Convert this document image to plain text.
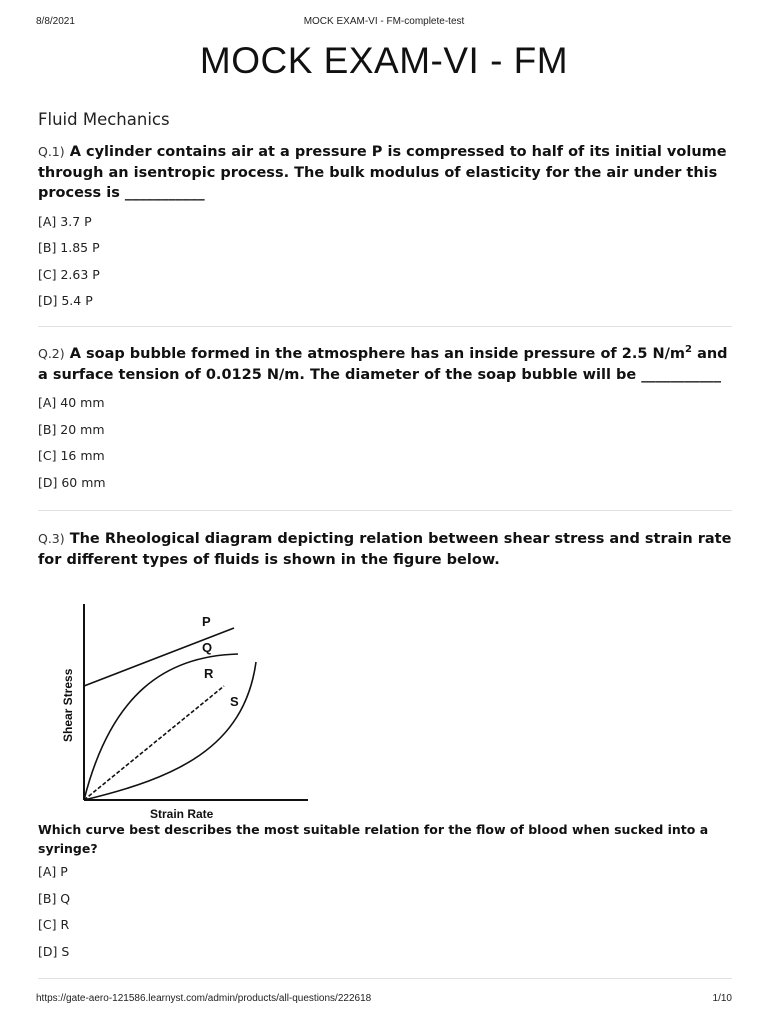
8/8/2021	MOCK EXAM-VI - FM-complete-test
MOCK EXAM-VI - FM
Fluid Mechanics
Q.1) A cylinder contains air at a pressure P is compressed to half of its initial volume through an isentropic process. The bulk modulus of elasticity for the air under this process is ___________
[A] 3.7 P
[B] 1.85 P
[C] 2.63 P
[D] 5.4 P
Q.2) A soap bubble formed in the atmosphere has an inside pressure of 2.5 $N/m^2$ and a surface tension of 0.0125 N/m. The diameter of the soap bubble will be ___________
[A] 40 mm
[B] 20 mm
[C] 16 mm
[D] 60 mm
Q.3) The Rheological diagram depicting relation between shear stress and strain rate for different types of fluids is shown in the figure below.
P
Q
R
S
Shear Stress
Strain Rate
Which curve best describes the most suitable relation for the flow of blood when sucked into a syringe?
[A] P
[B] Q
[C] R
[D] S
https://gate-aero-121586.learnyst.com/admin/products/all-questions/222618	1/10
